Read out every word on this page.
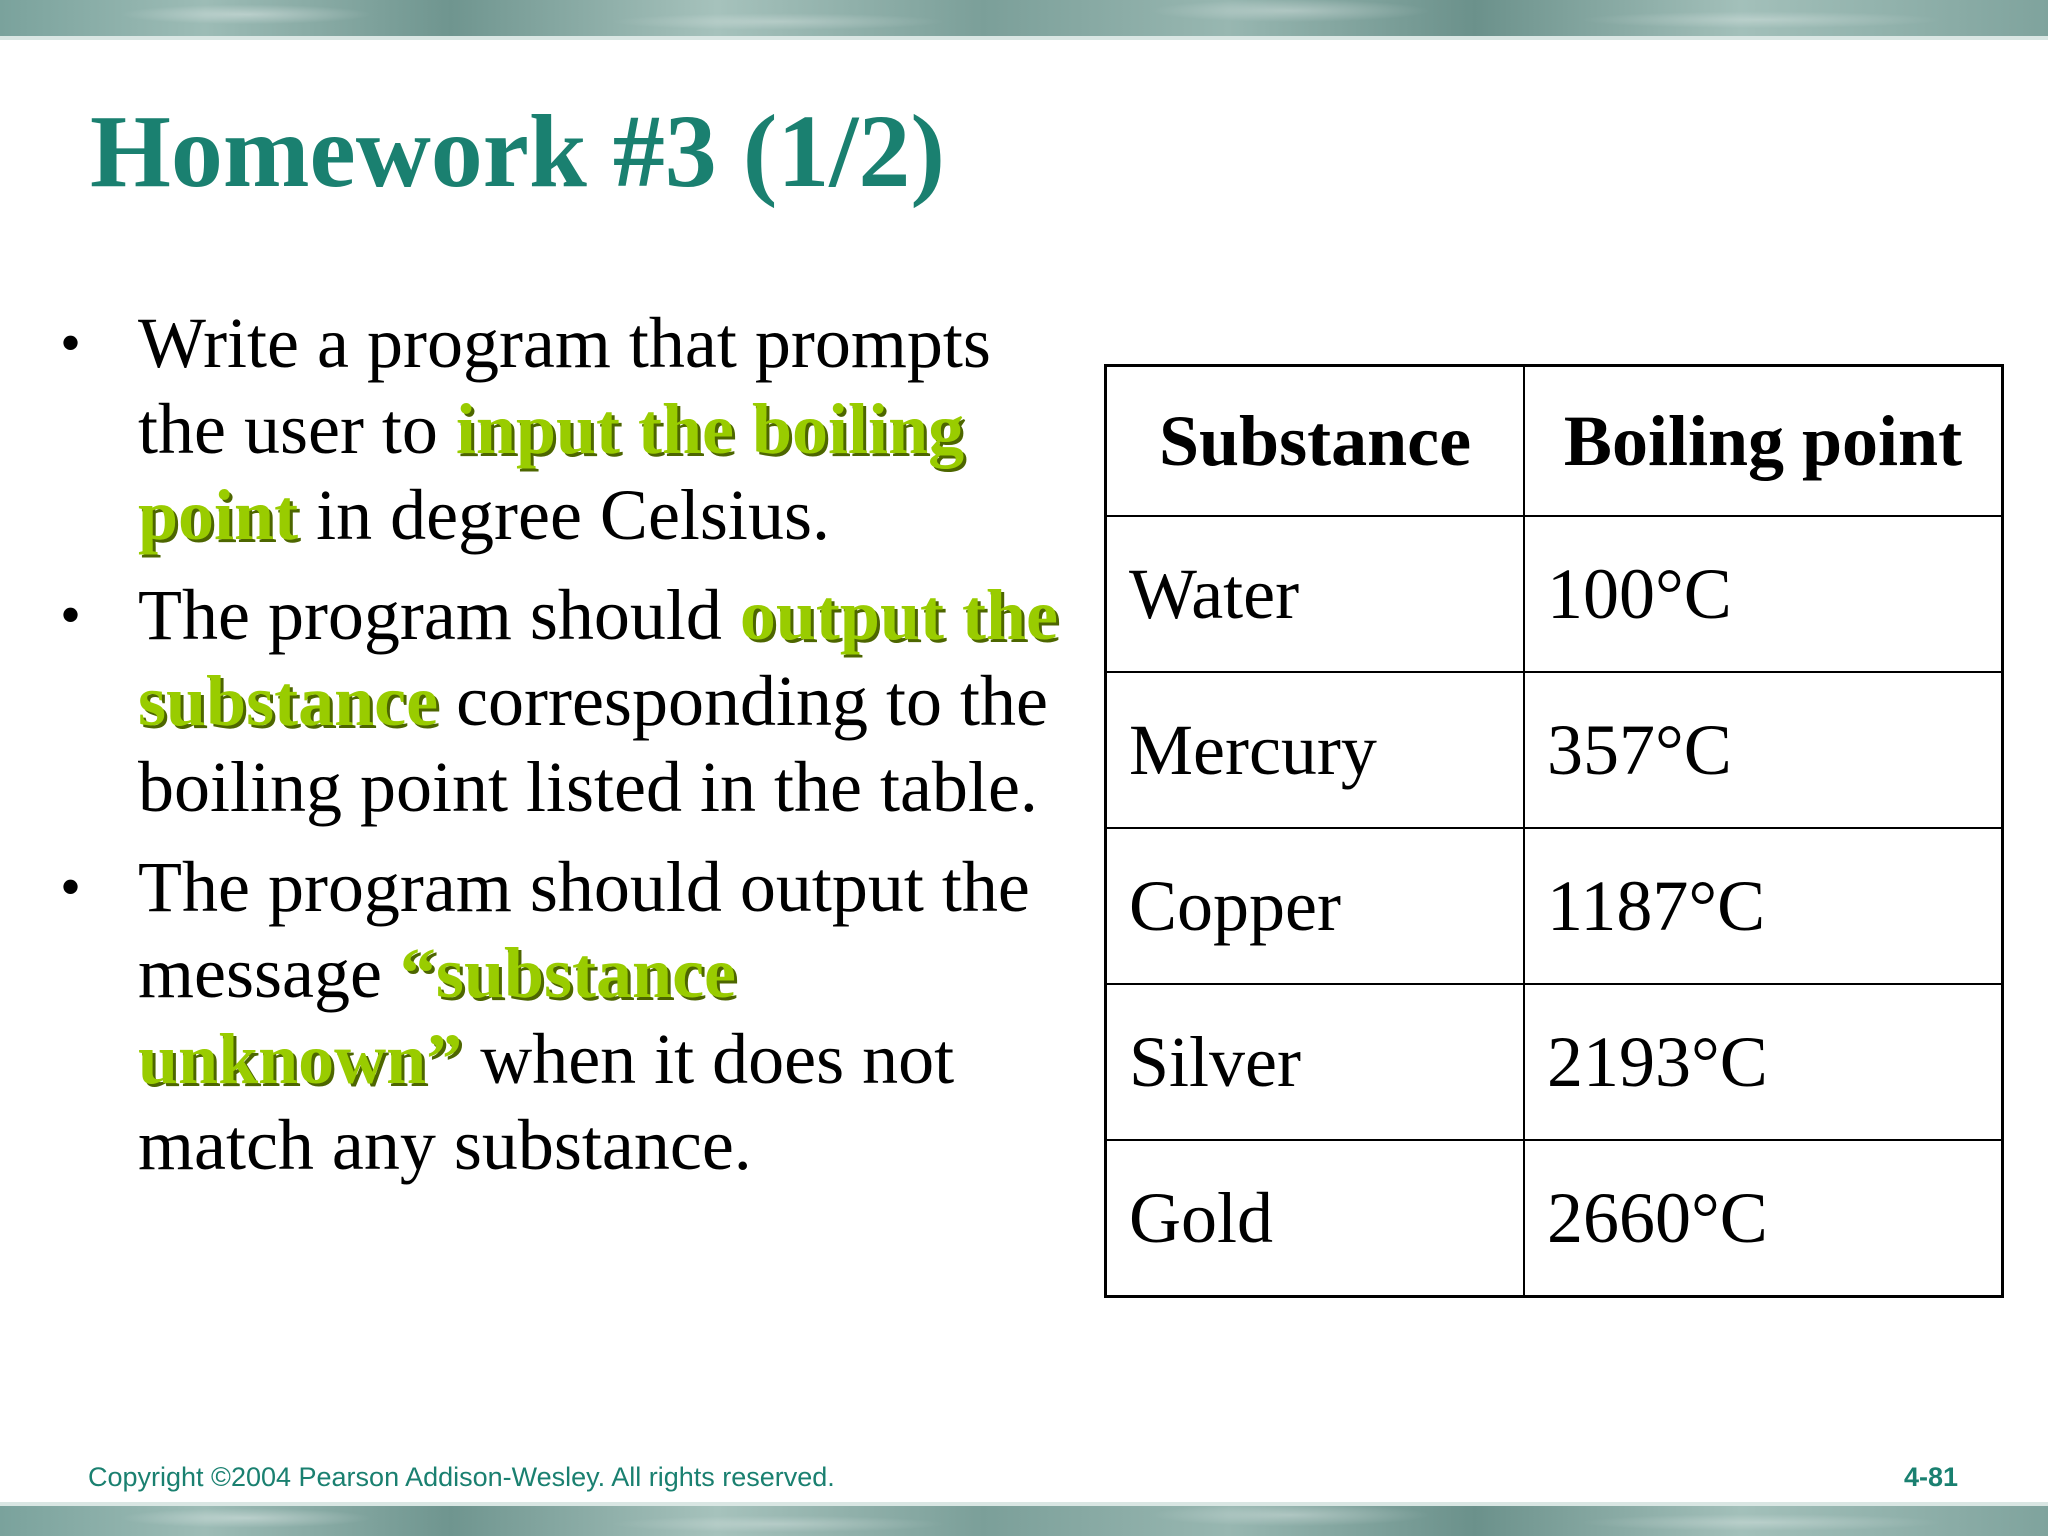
Homework #3 (1/2)
• Write a program that prompts the user to input the boiling point in degree Celsius.
• The program should output the substance corresponding to the boiling point listed in the table.
• The program should output the message “substance unknown” when it does not match any substance.
Substance	Boiling point
Water	100°C
Mercury	357°C
Copper	1187°C
Silver	2193°C
Gold	2660°C
Copyright ©2004 Pearson Addison-Wesley. All rights reserved.	4-81
